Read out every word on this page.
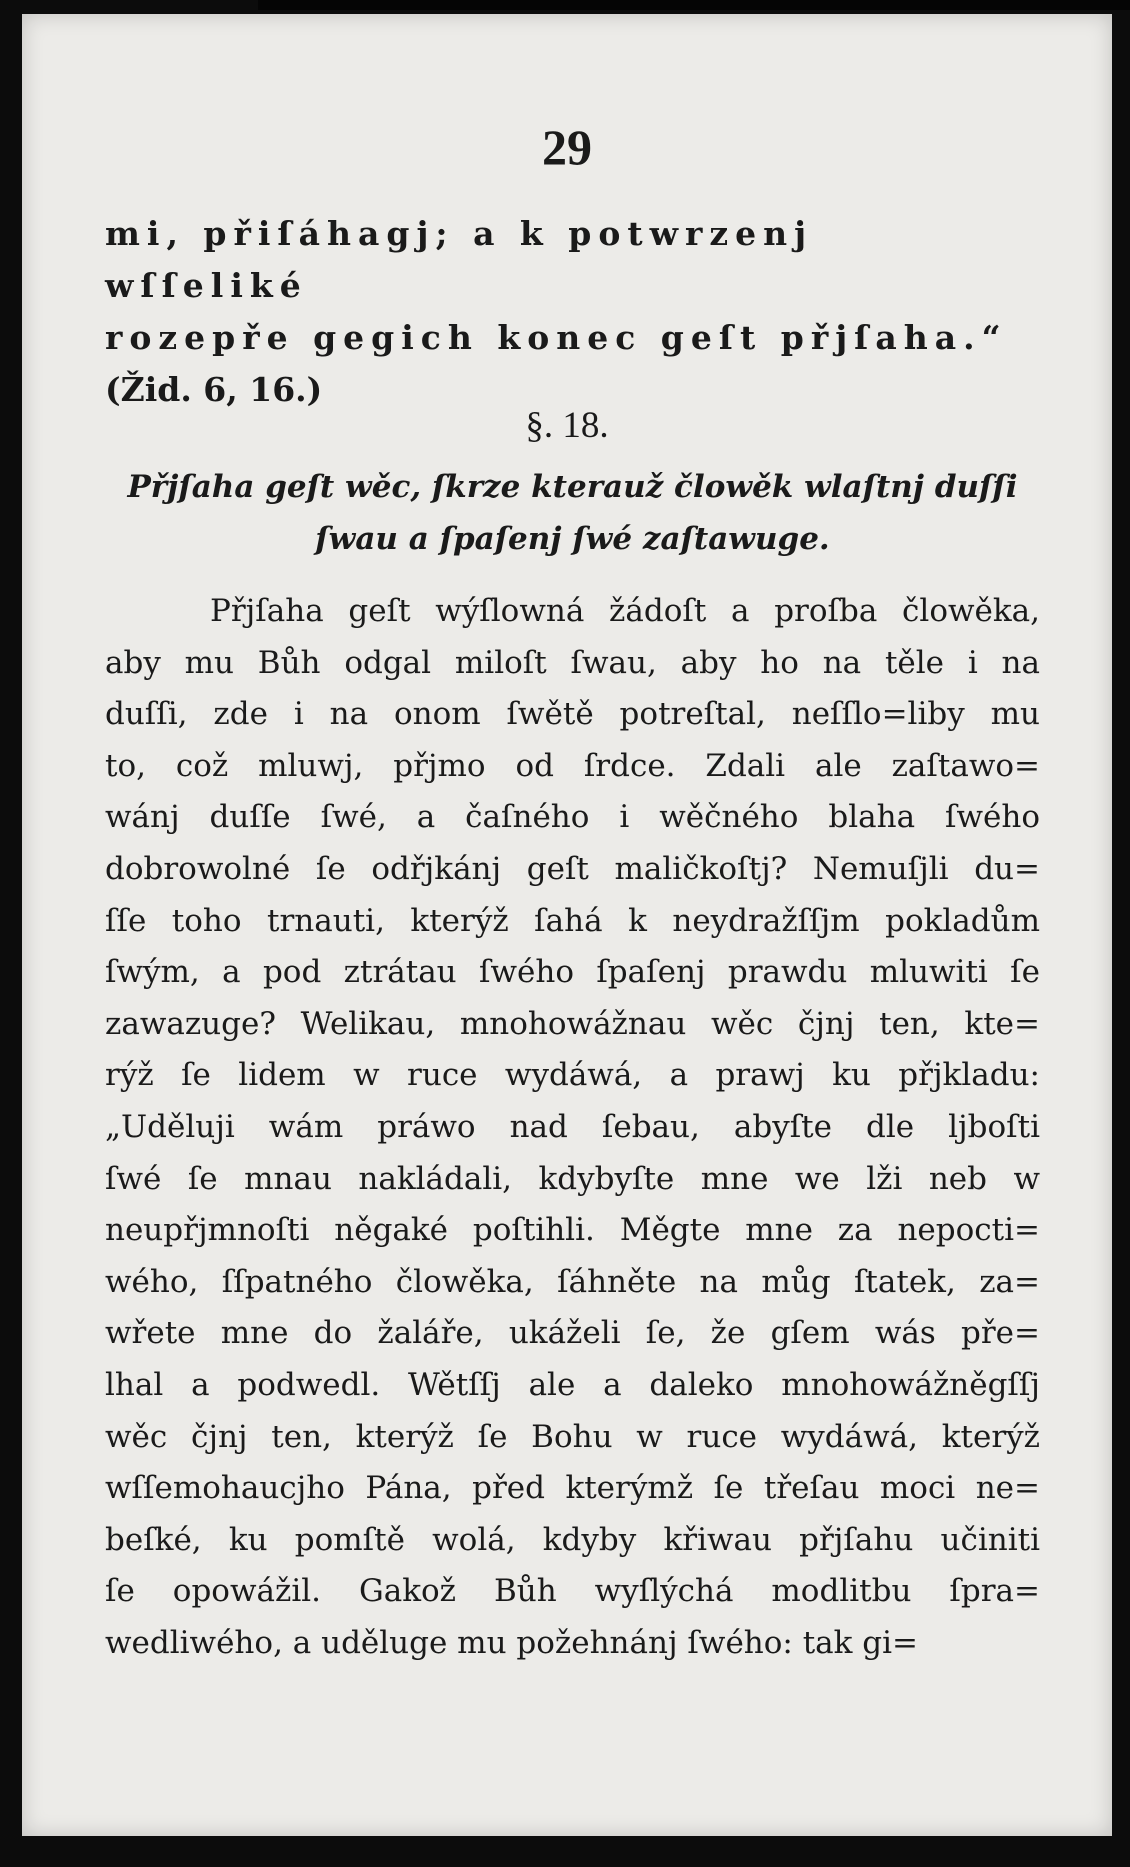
29
mi, přiſáhagj; a k potwrzenj wſſeliké
rozepře gegich konec geſt přjſaha.“ (Žid. 6, 16.)
§. 18.
Přjſaha geſt wěc, ſkrze kterauž člowěk wlaſtnj duſſi ſwau a ſpaſenj ſwé zaſtawuge.
Přjſaha geſt wýſlowná žádoſt a proſba člowěka,
aby mu Bůh odgal miloſt ſwau, aby ho na těle i na
duſſi, zde i na onom ſwětě potreſtal, neſſlo=liby mu
to, což mluwj, přjmo od ſrdce. Zdali ale zaſtawo=
wánj duſſe ſwé, a čaſného i wěčného blaha ſwého
dobrowolné ſe odřjkánj geſt maličkoſtj? Nemuſjli du=
ſſe toho trnauti, kterýž ſahá k neydražſſjm pokladům
ſwým, a pod ztrátau ſwého ſpaſenj prawdu mluwiti ſe
zawazuge? Welikau, mnohowážnau wěc čjnj ten, kte=
rýž ſe lidem w ruce wydáwá, a prawj ku přjkladu:
„Uděluji wám práwo nad ſebau, abyſte dle ljboſti
ſwé ſe mnau nakládali, kdybyſte mne we lži neb w
neupřjmnoſti něgaké poſtihli. Měgte mne za nepocti=
wého, ſſpatného člowěka, ſáhněte na můg ſtatek, za=
wřete mne do žaláře, ukáželi ſe, že gſem wás pře=
lhal a podwedl. Wětſſj ale a daleko mnohowážněgſſj
wěc čjnj ten, kterýž ſe Bohu w ruce wydáwá, kterýž
wſſemohaucjho Pána, před kterýmž ſe třeſau moci ne=
beſké, ku pomſtě wolá, kdyby křiwau přjſahu učiniti
ſe opowážil. Gakož Bůh wyſlýchá modlitbu ſpra=
wedliwého, a uděluge mu požehnánj ſwého: tak gi=
